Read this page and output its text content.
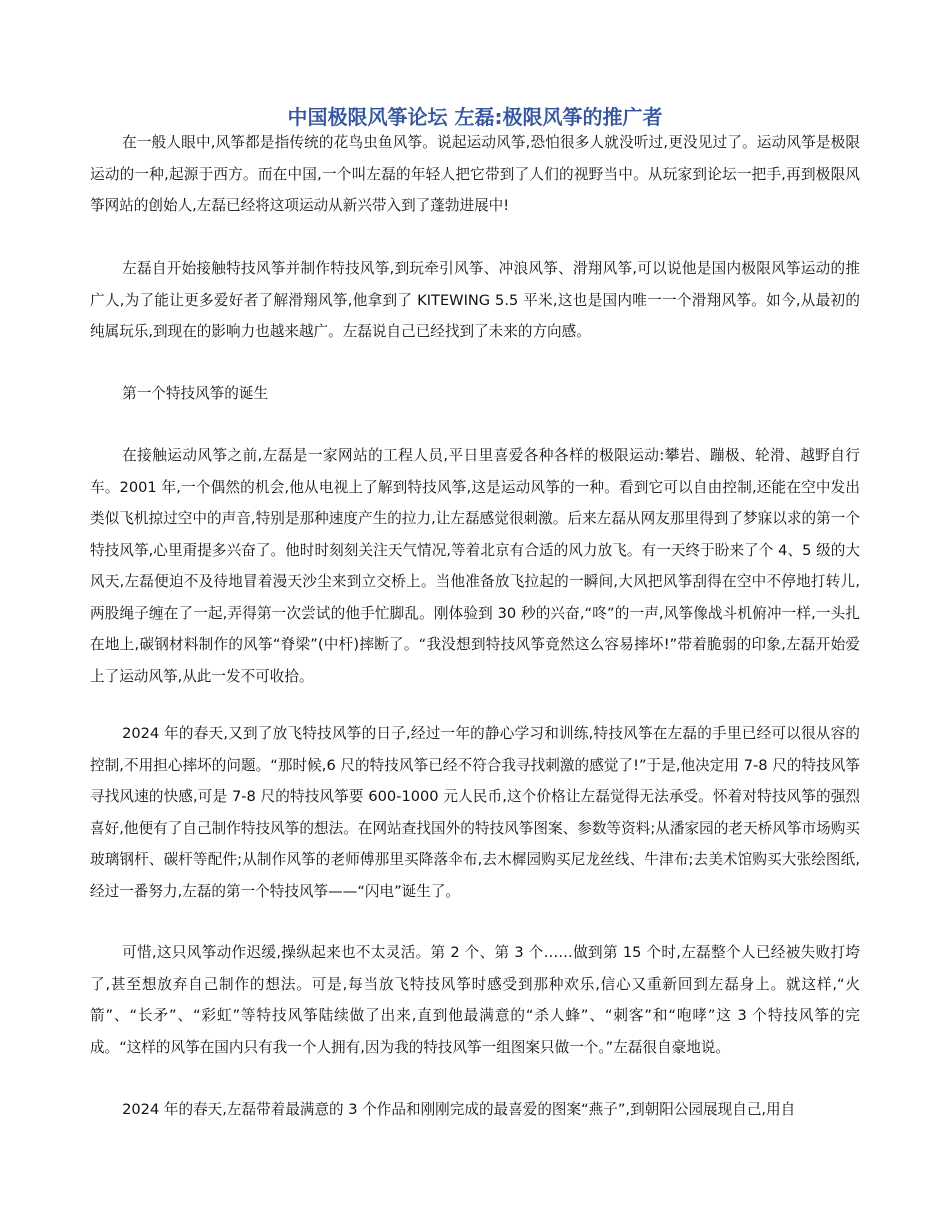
中国极限风筝论坛 左磊:极限风筝的推广者

在一般人眼中,风筝都是指传统的花鸟虫鱼风筝。说起运动风筝,恐怕很多人就没听过,更没见过了。运动风筝是极限运动的一种,起源于西方。而在中国,一个叫左磊的年轻人把它带到了人们的视野当中。从玩家到论坛一把手,再到极限风筝网站的创始人,左磊已经将这项运动从新兴带入到了蓬勃进展中!

左磊自开始接触特技风筝并制作特技风筝,到玩牵引风筝、冲浪风筝、滑翔风筝,可以说他是国内极限风筝运动的推广人,为了能让更多爱好者了解滑翔风筝,他拿到了 KITEWING 5.5 平米,这也是国内唯一一个滑翔风筝。如今,从最初的纯属玩乐,到现在的影响力也越来越广。左磊说自己已经找到了未来的方向感。

第一个特技风筝的诞生

在接触运动风筝之前,左磊是一家网站的工程人员,平日里喜爱各种各样的极限运动:攀岩、蹦极、轮滑、越野自行车。2001 年,一个偶然的机会,他从电视上了解到特技风筝,这是运动风筝的一种。看到它可以自由控制,还能在空中发出类似飞机掠过空中的声音,特别是那种速度产生的拉力,让左磊感觉很刺激。后来左磊从网友那里得到了梦寐以求的第一个特技风筝,心里甭提多兴奋了。他时时刻刻关注天气情况,等着北京有合适的风力放飞。有一天终于盼来了个 4、5 级的大风天,左磊便迫不及待地冒着漫天沙尘来到立交桥上。当他准备放飞拉起的一瞬间,大风把风筝刮得在空中不停地打转儿,两股绳子缠在了一起,弄得第一次尝试的他手忙脚乱。刚体验到 30 秒的兴奋,“咚”的一声,风筝像战斗机俯冲一样,一头扎在地上,碳钢材料制作的风筝“脊梁”(中杆)摔断了。“我没想到特技风筝竟然这么容易摔坏!”带着脆弱的印象,左磊开始爱上了运动风筝,从此一发不可收拾。

2024 年的春天,又到了放飞特技风筝的日子,经过一年的静心学习和训练,特技风筝在左磊的手里已经可以很从容的控制,不用担心摔坏的问题。“那时候,6 尺的特技风筝已经不符合我寻找刺激的感觉了!”于是,他决定用 7-8 尺的特技风筝寻找风速的快感,可是 7-8 尺的特技风筝要 600-1000 元人民币,这个价格让左磊觉得无法承受。怀着对特技风筝的强烈喜好,他便有了自己制作特技风筝的想法。在网站查找国外的特技风筝图案、参数等资料;从潘家园的老天桥风筝市场购买玻璃钢杆、碳杆等配件;从制作风筝的老师傅那里买降落伞布,去木樨园购买尼龙丝线、牛津布;去美术馆购买大张绘图纸,经过一番努力,左磊的第一个特技风筝——“闪电”诞生了。

可惜,这只风筝动作迟缓,操纵起来也不太灵活。第 2 个、第 3 个……做到第 15 个时,左磊整个人已经被失败打垮了,甚至想放弃自己制作的想法。可是,每当放飞特技风筝时感受到那种欢乐,信心又重新回到左磊身上。就这样,“火箭”、“长矛”、“彩虹”等特技风筝陆续做了出来,直到他最满意的“杀人蜂”、“刺客”和“咆哮”这 3 个特技风筝的完成。“这样的风筝在国内只有我一个人拥有,因为我的特技风筝一组图案只做一个。”左磊很自豪地说。

2024 年的春天,左磊带着最满意的 3 个作品和刚刚完成的最喜爱的图案“燕子”,到朝阳公园展现自己,用自
